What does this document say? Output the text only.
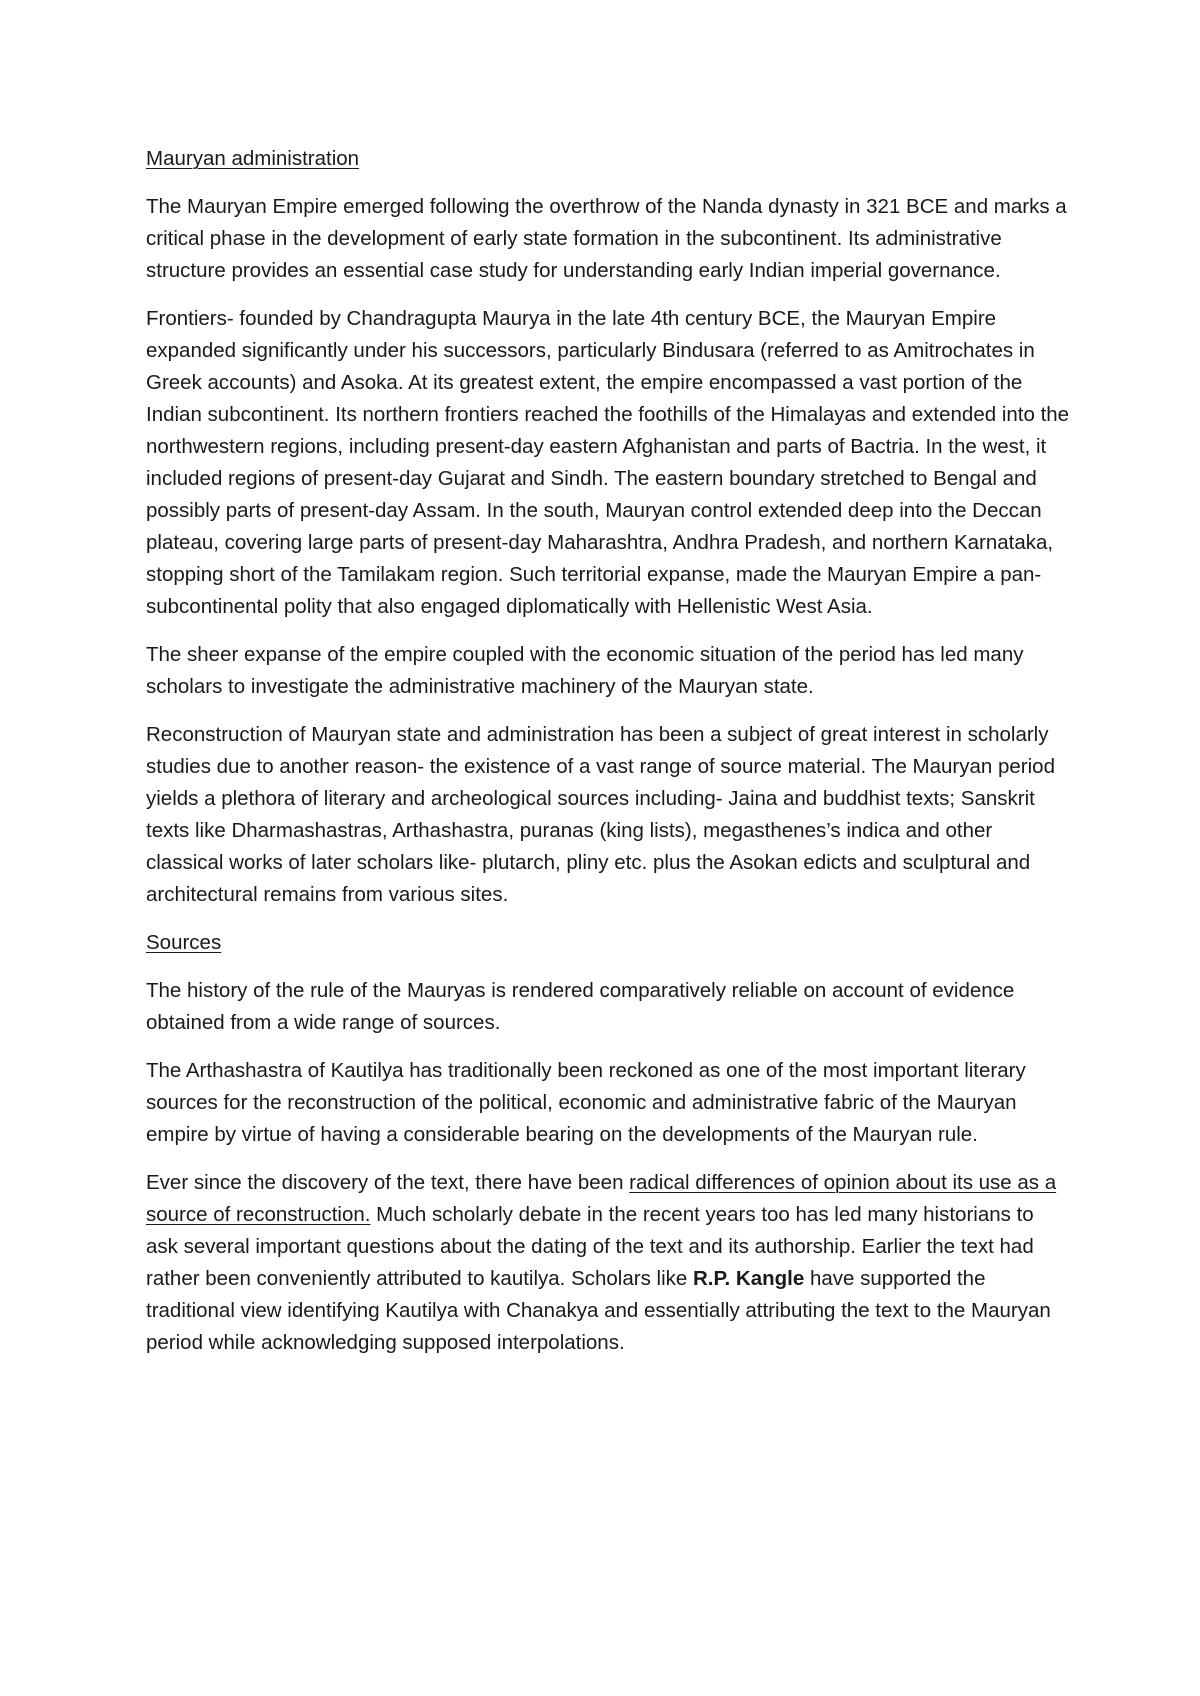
Mauryan administration

The Mauryan Empire emerged following the overthrow of the Nanda dynasty in 321 BCE and marks a critical phase in the development of early state formation in the subcontinent. Its administrative structure provides an essential case study for understanding early Indian imperial governance.

Frontiers- founded by Chandragupta Maurya in the late 4th century BCE, the Mauryan Empire expanded significantly under his successors, particularly Bindusara (referred to as Amitrochates in Greek accounts) and Asoka. At its greatest extent, the empire encompassed a vast portion of the Indian subcontinent. Its northern frontiers reached the foothills of the Himalayas and extended into the northwestern regions, including present-day eastern Afghanistan and parts of Bactria. In the west, it included regions of present-day Gujarat and Sindh. The eastern boundary stretched to Bengal and possibly parts of present-day Assam. In the south, Mauryan control extended deep into the Deccan plateau, covering large parts of present-day Maharashtra, Andhra Pradesh, and northern Karnataka, stopping short of the Tamilakam region. Such territorial expanse, made the Mauryan Empire a pan-subcontinental polity that also engaged diplomatically with Hellenistic West Asia.

The sheer expanse of the empire coupled with the economic situation of the period has led many scholars to investigate the administrative machinery of the Mauryan state.

Reconstruction of Mauryan state and administration has been a subject of great interest in scholarly studies due to another reason- the existence of a vast range of source material. The Mauryan period yields a plethora of literary and archeological sources including- Jaina and buddhist texts; Sanskrit texts like Dharmashastras, Arthashastra, puranas (king lists), megasthenes’s indica and other classical works of later scholars like- plutarch, pliny etc. plus the Asokan edicts and sculptural and architectural remains from various sites.

Sources

The history of the rule of the Mauryas is rendered comparatively reliable on account of evidence obtained from a wide range of sources.

The Arthashastra of Kautilya has traditionally been reckoned as one of the most important literary sources for the reconstruction of the political, economic and administrative fabric of the Mauryan empire by virtue of having a considerable bearing on the developments of the Mauryan rule.

Ever since the discovery of the text, there have been radical differences of opinion about its use as a source of reconstruction. Much scholarly debate in the recent years too has led many historians to ask several important questions about the dating of the text and its authorship. Earlier the text had rather been conveniently attributed to kautilya. Scholars like R.P. Kangle have supported the traditional view identifying Kautilya with Chanakya and essentially attributing the text to the Mauryan period while acknowledging supposed interpolations.
